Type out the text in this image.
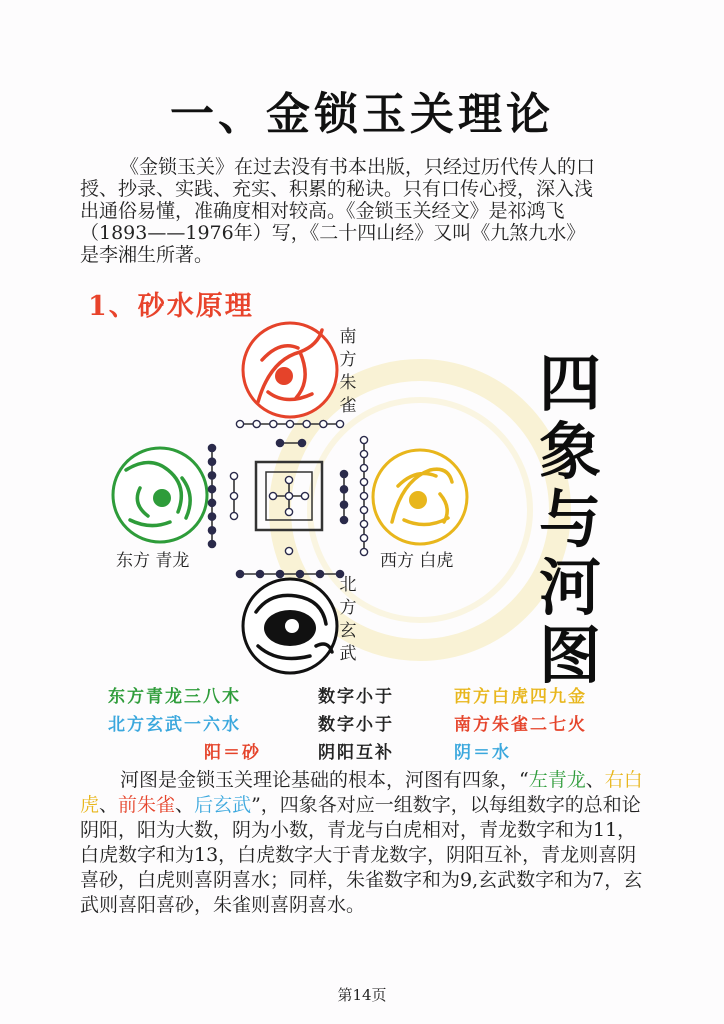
一、金锁玉关理论

《金锁玉关》在过去没有书本出版，只经过历代传人的口

授、抄录、实践、充实、积累的秘诀。只有口传心授，深入浅

出通俗易懂，准确度相对较高。《金锁玉关经文》是祁鸿飞

（1893——1976年）写，《二十四山经》又叫《九煞九水》

是李湘生所著。

1、砂水原理
南方朱雀
东方 青龙	西方 白虎
北方玄武
四
象
与
河
图
东方青龙三八木	数字小于	西方白虎四九金
北方玄武一六水	数字小于	南方朱雀二七火
阳＝砂	阴阳互补	阴＝水

河图是金锁玉关理论基础的根本，河图有四象，“左青龙、右白虎、前朱雀、后玄武”，四象各对应一组数字，以每组数字的总和论阴阳，阳为大数，阴为小数，青龙与白虎相对，青龙数字和为11，白虎数字和为13，白虎数字大于青龙数字，阴阳互补，青龙则喜阴喜砂，白虎则喜阴喜水；同样，朱雀数字和为9,玄武数字和为7，玄武则喜阳喜砂，朱雀则喜阴喜水。

第14页
